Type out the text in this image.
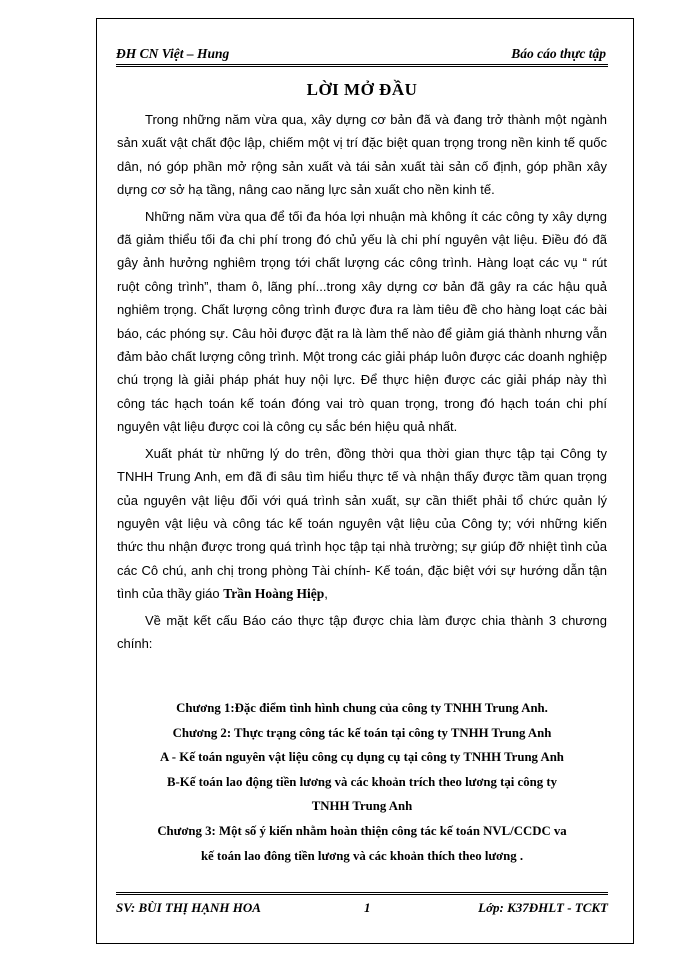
ĐH CN Việt – Hung	Báo cáo thực tập
LỜI MỞ ĐẦU

Trong những năm vừa qua, xây dựng cơ bản đã và đang trở thành một ngành sản xuất vật chất độc lập, chiếm một vị trí đặc biệt quan trọng trong nền kinh tế quốc dân, nó góp phần mở rộng sản xuất và tái sản xuất tài sản cố định, góp phần xây dựng cơ sở hạ tầng, nâng cao năng lực sản xuất cho nền kinh tế.

Những năm vừa qua để tối đa hóa lợi nhuận mà không ít các công ty xây dựng đã giảm thiểu tối đa chi phí trong đó chủ yếu là chi phí nguyên vật liệu. Điều đó đã gây ảnh hưởng nghiêm trọng tới chất lượng các công trình. Hàng loạt các vụ “ rút ruột công trình”, tham ô, lãng phí...trong xây dựng cơ bản đã gây ra các hậu quả nghiêm trọng. Chất lượng công trình được đưa ra làm tiêu đề cho hàng loạt các bài báo, các phóng sự. Câu hỏi được đặt ra là làm thế nào để giảm giá thành nhưng vẫn đảm bảo chất lượng công trình. Một trong các giải pháp luôn được các doanh nghiệp chú trọng là giải pháp phát huy nội lực. Để thực hiện được các giải pháp này thì công tác hạch toán kế toán đóng vai trò quan trọng, trong đó hạch toán chi phí nguyên vật liệu được coi là công cụ sắc bén hiệu quả nhất.

Xuất phát từ những lý do trên, đồng thời qua thời gian thực tập tại Công ty TNHH Trung Anh, em đã đi sâu tìm hiểu thực tế và nhận thấy được tầm quan trọng của nguyên vật liệu đối với quá trình sản xuất, sự cần thiết phải tổ chức quản lý nguyên vật liệu và công tác kế toán nguyên vật liệu của Công ty; với những kiến thức thu nhận được trong quá trình học tập tại nhà trường; sự giúp đỡ nhiệt tình của các Cô chú, anh chị trong phòng Tài chính- Kế toán, đặc biệt với sự hướng dẫn tận tình của thầy giáo Trần Hoàng Hiệp,

Về mặt kết cấu Báo cáo thực tập được chia làm được chia thành 3 chương chính:

Chương 1:Đặc điểm tình hình chung của công ty TNHH Trung Anh.
Chương 2: Thực trạng công tác kế toán tại công ty TNHH Trung Anh
A - Kế toán nguyên vật liệu công cụ dụng cụ tại công ty TNHH Trung Anh
B-Kế toán lao động tiền lương và các khoản trích theo lương tại công ty
TNHH Trung Anh
Chương 3: Một số ý kiến nhằm hoàn thiện công tác kế toán NVL/CCDC va
kế toán lao đông tiền lương và các khoản thích theo lương .
SV: BÙI THỊ HẠNH HOA	1	Lớp: K37ĐHLT - TCKT
